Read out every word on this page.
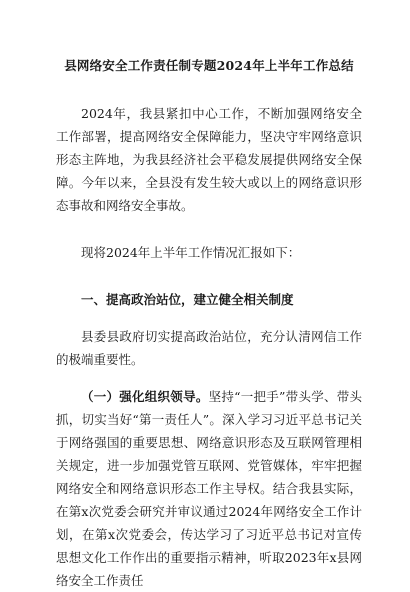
县网络安全工作责任制专题2024年上半年工作总结

2024年，我县紧扣中心工作，不断加强网络安全工作部署，提高网络安全保障能力，坚决守牢网络意识形态主阵地，为我县经济社会平稳发展提供网络安全保障。今年以来，全县没有发生较大或以上的网络意识形态事故和网络安全事故。

现将2024年上半年工作情况汇报如下：

一、提高政治站位，建立健全相关制度

县委县政府切实提高政治站位，充分认清网信工作的极端重要性。

（一）强化组织领导。坚持“一把手”带头学、带头抓，切实当好“第一责任人”。深入学习习近平总书记关于网络强国的重要思想、网络意识形态及互联网管理相关规定，进一步加强党管互联网、党管媒体，牢牢把握网络安全和网络意识形态工作主导权。结合我县实际，在第x次党委会研究并审议通过2024年网络安全工作计划，在第x次党委会，传达学习了习近平总书记对宣传思想文化工作作出的重要指示精神，听取2023年x县网络安全工作责任
